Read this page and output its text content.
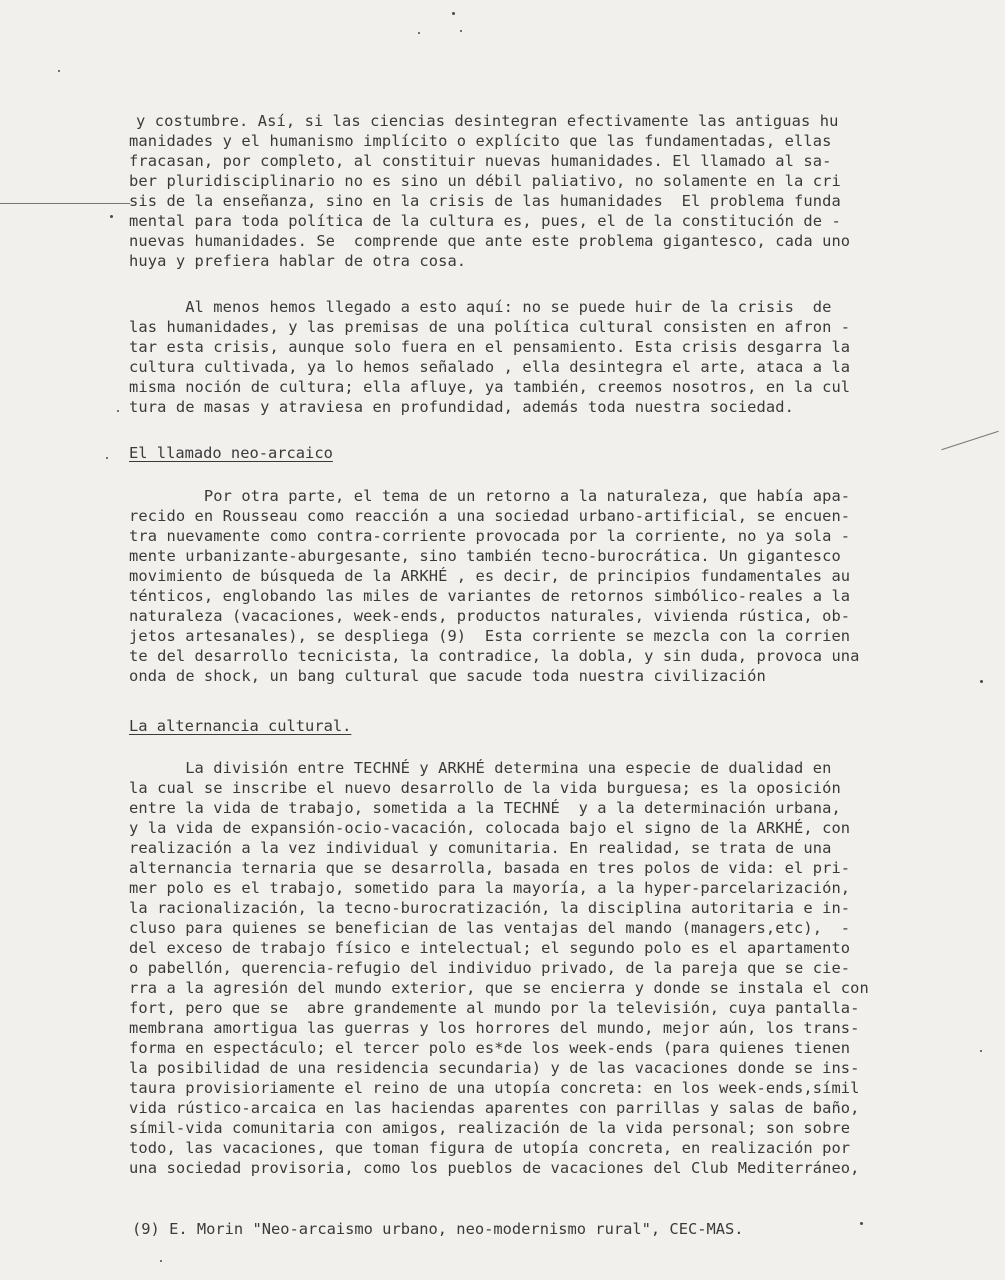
y costumbre. Así, si las ciencias desintegran efectivamente las antiguas hu
manidades y el humanismo implícito o explícito que las fundamentadas, ellas
fracasan, por completo, al constituir nuevas humanidades. El llamado al sa-
ber pluridisciplinario no es sino un débil paliativo, no solamente en la cri
sis de la enseñanza, sino en la crisis de las humanidades  El problema funda
mental para toda política de la cultura es, pues, el de la constitución de -
nuevas humanidades. Se  comprende que ante este problema gigantesco, cada uno
huya y prefiera hablar de otra cosa.
Al menos hemos llegado a esto aquí: no se puede huir de la crisis  de
las humanidades, y las premisas de una política cultural consisten en afron -
tar esta crisis, aunque solo fuera en el pensamiento. Esta crisis desgarra la
cultura cultivada, ya lo hemos señalado , ella desintegra el arte, ataca a la
misma noción de cultura; ella afluye, ya también, creemos nosotros, en la cul
tura de masas y atraviesa en profundidad, además toda nuestra sociedad.
El llamado neo-arcaico
Por otra parte, el tema de un retorno a la naturaleza, que había apa-
recido en Rousseau como reacción a una sociedad urbano-artificial, se encuen-
tra nuevamente como contra-corriente provocada por la corriente, no ya sola -
mente urbanizante-aburgesante, sino también tecno-burocrática. Un gigantesco
movimiento de búsqueda de la ARKHÉ , es decir, de principios fundamentales au
ténticos, englobando las miles de variantes de retornos simbólico-reales a la
naturaleza (vacaciones, week-ends, productos naturales, vivienda rústica, ob-
jetos artesanales), se despliega (9)  Esta corriente se mezcla con la corrien
te del desarrollo tecnicista, la contradice, la dobla, y sin duda, provoca una
onda de shock, un bang cultural que sacude toda nuestra civilización
La alternancia cultural.
La división entre TECHNÉ y ARKHÉ determina una especie de dualidad en
la cual se inscribe el nuevo desarrollo de la vida burguesa; es la oposición
entre la vida de trabajo, sometida a la TECHNÉ  y a la determinación urbana,
y la vida de expansión-ocio-vacación, colocada bajo el signo de la ARKHÉ, con
realización a la vez individual y comunitaria. En realidad, se trata de una
alternancia ternaria que se desarrolla, basada en tres polos de vida: el pri-
mer polo es el trabajo, sometido para la mayoría, a la hyper-parcelarización,
la racionalización, la tecno-burocratización, la disciplina autoritaria e in-
cluso para quienes se benefician de las ventajas del mando (managers,etc),  -
del exceso de trabajo físico e intelectual; el segundo polo es el apartamento
o pabellón, querencia-refugio del individuo privado, de la pareja que se cie-
rra a la agresión del mundo exterior, que se encierra y donde se instala el con
fort, pero que se  abre grandemente al mundo por la televisión, cuya pantalla-
membrana amortigua las guerras y los horrores del mundo, mejor aún, los trans-
forma en espectáculo; el tercer polo es*de los week-ends (para quienes tienen
la posibilidad de una residencia secundaria) y de las vacaciones donde se ins-
taura provisioriamente el reino de una utopía concreta: en los week-ends,símil
vida rústico-arcaica en las haciendas aparentes con parrillas y salas de baño,
símil-vida comunitaria con amigos, realización de la vida personal; son sobre
todo, las vacaciones, que toman figura de utopía concreta, en realización por
una sociedad provisoria, como los pueblos de vacaciones del Club Mediterráneo,
(9) E. Morin "Neo-arcaismo urbano, neo-modernismo rural", CEC-MAS.
